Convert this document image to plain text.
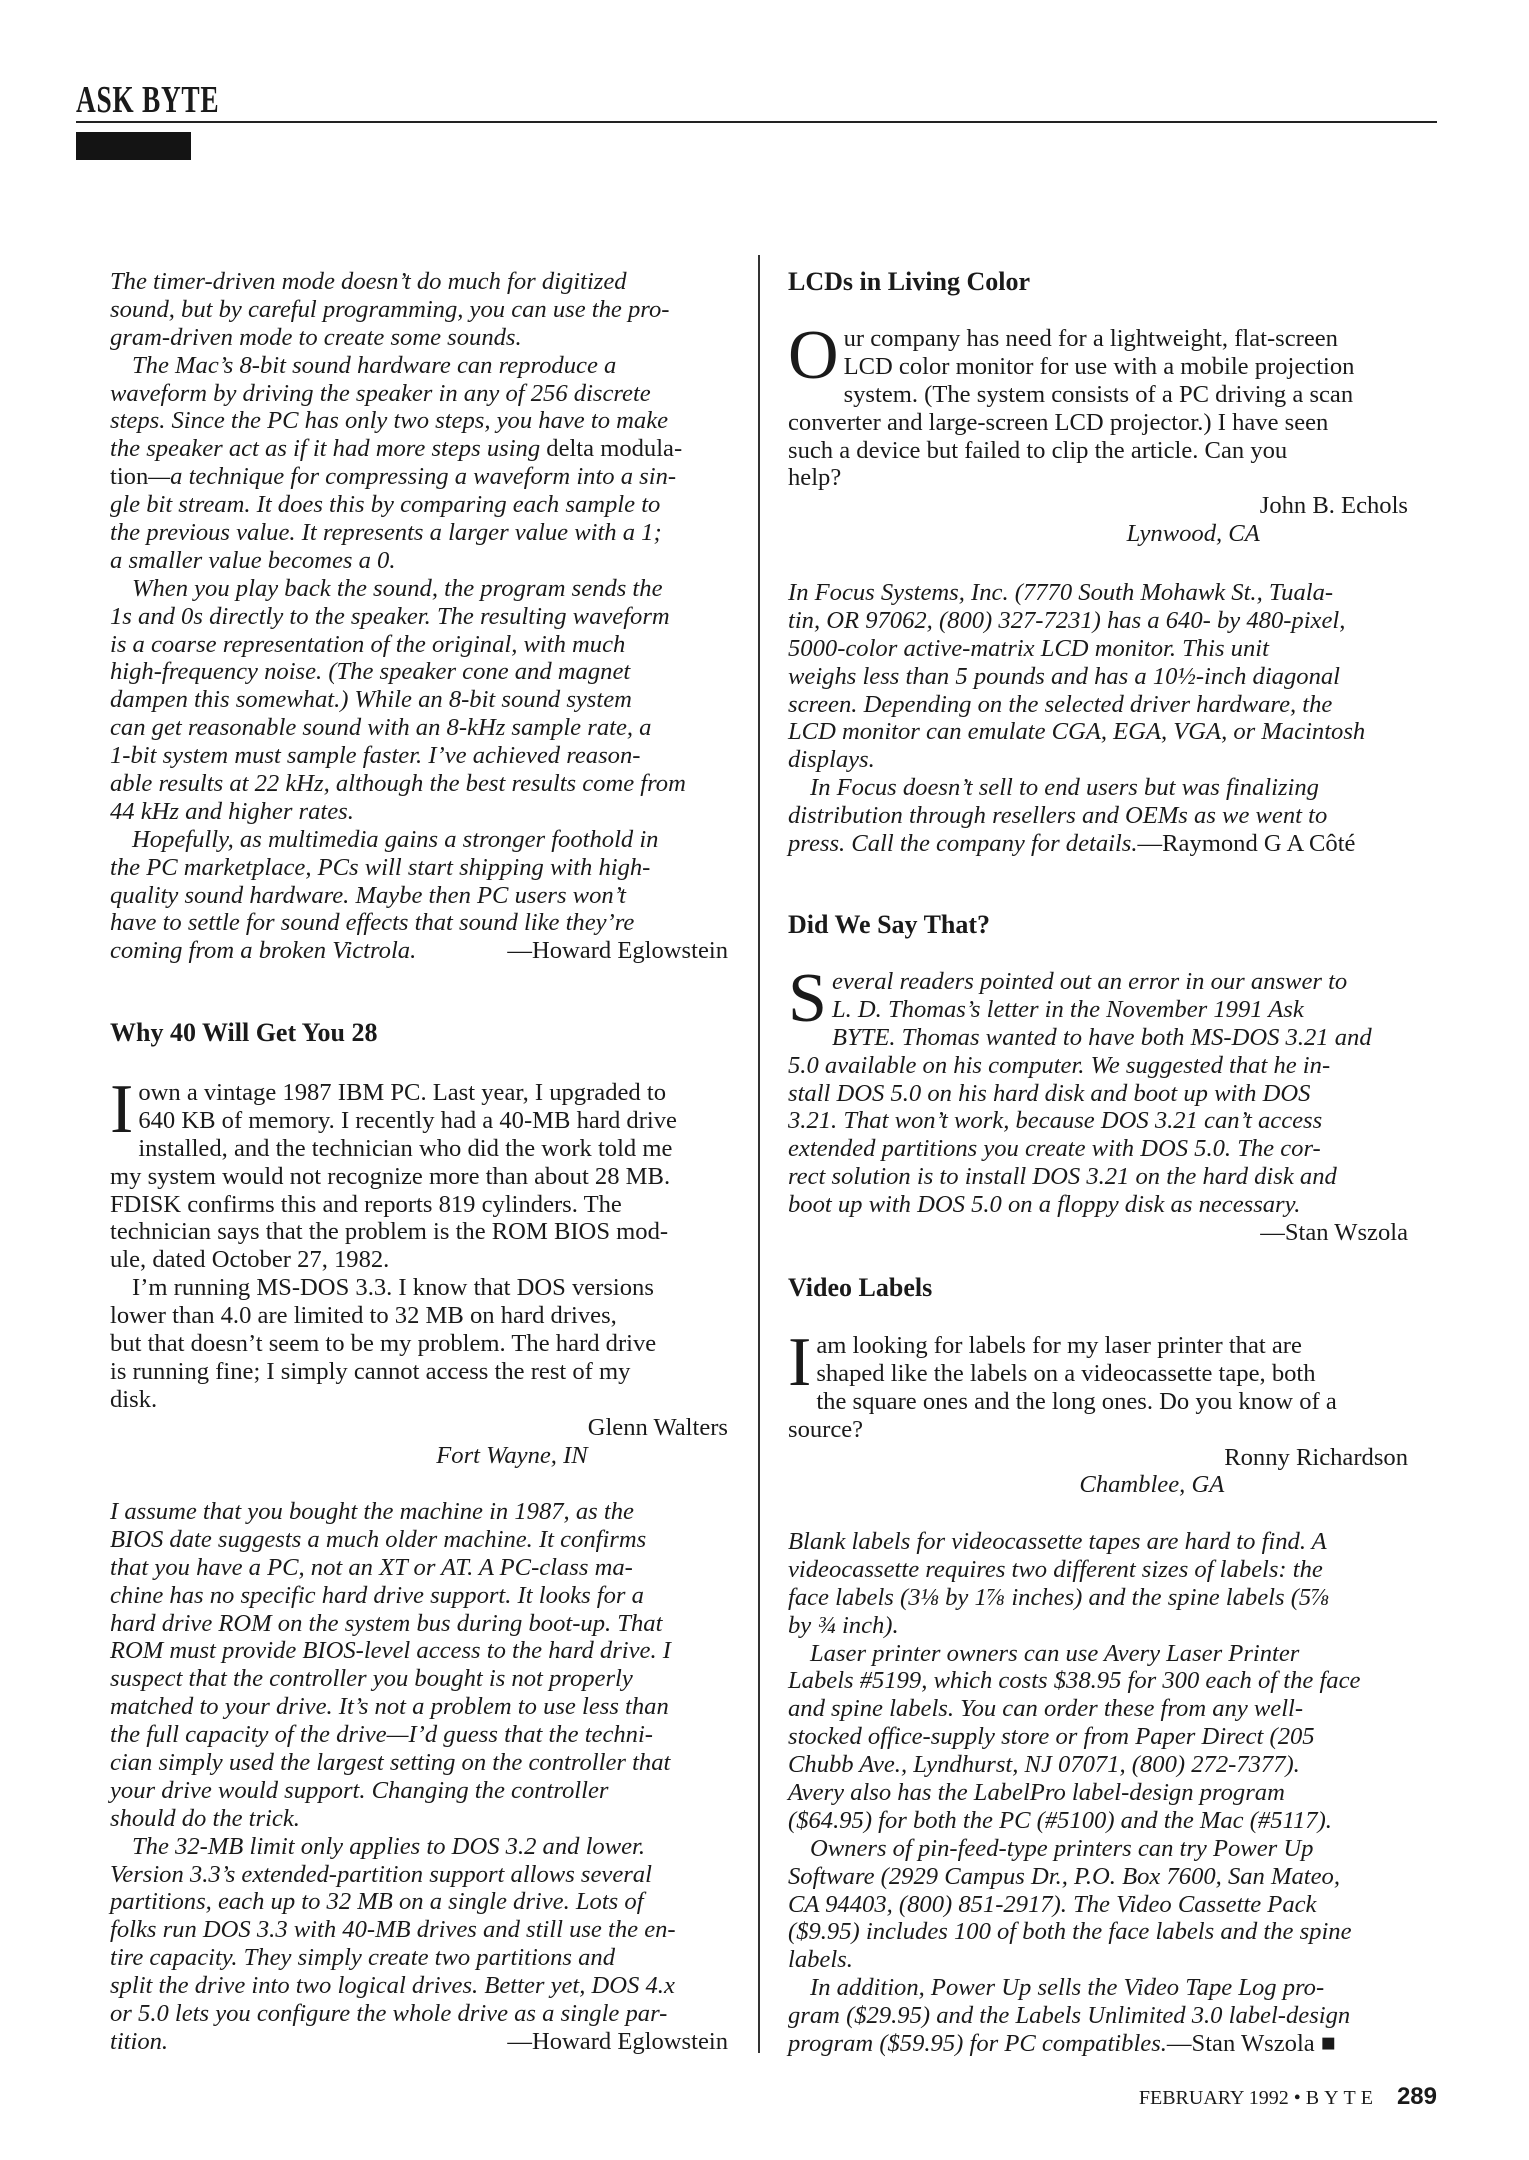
ASK BYTE
The timer-driven mode doesn’t do much for digitized
sound, but by careful programming, you can use the pro-
gram-driven mode to create some sounds.
The Mac’s 8-bit sound hardware can reproduce a
waveform by driving the speaker in any of 256 discrete
steps. Since the PC has only two steps, you have to make
the speaker act as if it had more steps using delta modula-
tion—a technique for compressing a waveform into a sin-
gle bit stream. It does this by comparing each sample to
the previous value. It represents a larger value with a 1;
a smaller value becomes a 0.
When you play back the sound, the program sends the
1s and 0s directly to the speaker. The resulting waveform
is a coarse representation of the original, with much
high-frequency noise. (The speaker cone and magnet
dampen this somewhat.) While an 8-bit sound system
can get reasonable sound with an 8-kHz sample rate, a
1-bit system must sample faster. I’ve achieved reason-
able results at 22 kHz, although the best results come from
44 kHz and higher rates.
Hopefully, as multimedia gains a stronger foothold in
the PC marketplace, PCs will start shipping with high-
quality sound hardware. Maybe then PC users won’t
have to settle for sound effects that sound like they’re
—Howard Eglowstein
coming from a broken Victrola.
Why 40 Will Get You 28
Iown a vintage 1987 IBM PC. Last year, I upgraded to
640 KB of memory. I recently had a 40-MB hard drive
installed, and the technician who did the work told me
my system would not recognize more than about 28 MB.
FDISK confirms this and reports 819 cylinders. The
technician says that the problem is the ROM BIOS mod-
ule, dated October 27, 1982.
I’m running MS-DOS 3.3. I know that DOS versions
lower than 4.0 are limited to 32 MB on hard drives,
but that doesn’t seem to be my problem. The hard drive
is running fine; I simply cannot access the rest of my
disk.
Glenn Walters
Fort Wayne, IN
I assume that you bought the machine in 1987, as the
BIOS date suggests a much older machine. It confirms
that you have a PC, not an XT or AT. A PC-class ma-
chine has no specific hard drive support. It looks for a
hard drive ROM on the system bus during boot-up. That
ROM must provide BIOS-level access to the hard drive. I
suspect that the controller you bought is not properly
matched to your drive. It’s not a problem to use less than
the full capacity of the drive—I’d guess that the techni-
cian simply used the largest setting on the controller that
your drive would support. Changing the controller
should do the trick.
The 32-MB limit only applies to DOS 3.2 and lower.
Version 3.3’s extended-partition support allows several
partitions, each up to 32 MB on a single drive. Lots of
folks run DOS 3.3 with 40-MB drives and still use the en-
tire capacity. They simply create two partitions and
split the drive into two logical drives. Better yet, DOS 4.x
or 5.0 lets you configure the whole drive as a single par-
—Howard Eglowstein
tition.
LCDs in Living Color
Our company has need for a lightweight, flat-screen
LCD color monitor for use with a mobile projection
system. (The system consists of a PC driving a scan
converter and large-screen LCD projector.) I have seen
such a device but failed to clip the article. Can you
help?
John B. Echols
Lynwood, CA
In Focus Systems, Inc. (7770 South Mohawk St., Tuala-
tin, OR 97062, (800) 327-7231) has a 640- by 480-pixel,
5000-color active-matrix LCD monitor. This unit
weighs less than 5 pounds and has a 10½-inch diagonal
screen. Depending on the selected driver hardware, the
LCD monitor can emulate CGA, EGA, VGA, or Macintosh
displays.
In Focus doesn’t sell to end users but was finalizing
distribution through resellers and OEMs as we went to
press. Call the company for details.—Raymond G A Côté
Did We Say That?
Several readers pointed out an error in our answer to
L. D. Thomas’s letter in the November 1991 Ask
BYTE. Thomas wanted to have both MS-DOS 3.21 and
5.0 available on his computer. We suggested that he in-
stall DOS 5.0 on his hard disk and boot up with DOS
3.21. That won’t work, because DOS 3.21 can’t access
extended partitions you create with DOS 5.0. The cor-
rect solution is to install DOS 3.21 on the hard disk and
boot up with DOS 5.0 on a floppy disk as necessary.
—Stan Wszola
Video Labels
Iam looking for labels for my laser printer that are
shaped like the labels on a videocassette tape, both
the square ones and the long ones. Do you know of a
source?
Ronny Richardson
Chamblee, GA
Blank labels for videocassette tapes are hard to find. A
videocassette requires two different sizes of labels: the
face labels (3⅛ by 1⅞ inches) and the spine labels (5⅞
by ¾ inch).
Laser printer owners can use Avery Laser Printer
Labels #5199, which costs $38.95 for 300 each of the face
and spine labels. You can order these from any well-
stocked office-supply store or from Paper Direct (205
Chubb Ave., Lyndhurst, NJ 07071, (800) 272-7377).
Avery also has the LabelPro label-design program
($64.95) for both the PC (#5100) and the Mac (#5117).
Owners of pin-feed-type printers can try Power Up
Software (2929 Campus Dr., P.O. Box 7600, San Mateo,
CA 94403, (800) 851-2917). The Video Cassette Pack
($9.95) includes 100 of both the face labels and the spine
labels.
In addition, Power Up sells the Video Tape Log pro-
gram ($29.95) and the Labels Unlimited 3.0 label-design
program ($59.95) for PC compatibles.—Stan Wszola ■
FEBRUARY 1992 • BYTE 289
